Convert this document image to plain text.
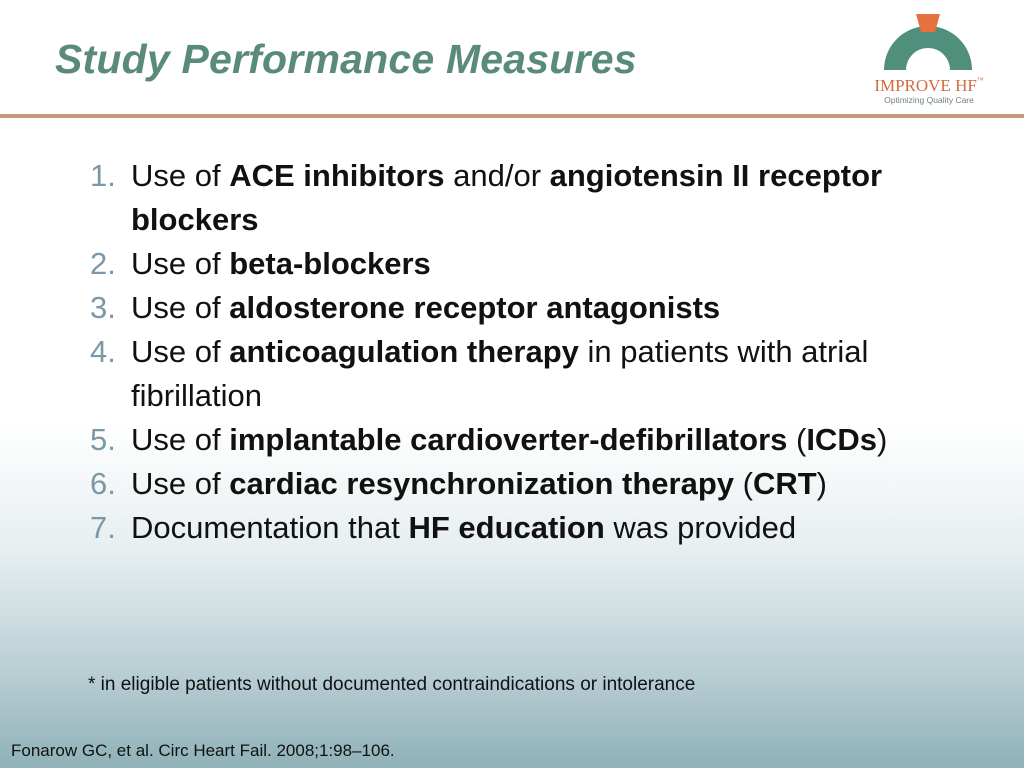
Study Performance Measures
IMPROVE HF™
Optimizing Quality Care
1. Use of ACE inhibitors and/or angiotensin II receptor blockers
2. Use of beta-blockers
3. Use of aldosterone receptor antagonists
4. Use of anticoagulation therapy in patients with atrial fibrillation
5. Use of implantable cardioverter-defibrillators (ICDs)
6. Use of cardiac resynchronization therapy (CRT)
7. Documentation that HF education was provided
* in eligible patients without documented contraindications or intolerance
Fonarow GC, et al. Circ Heart Fail. 2008;1:98–106.
